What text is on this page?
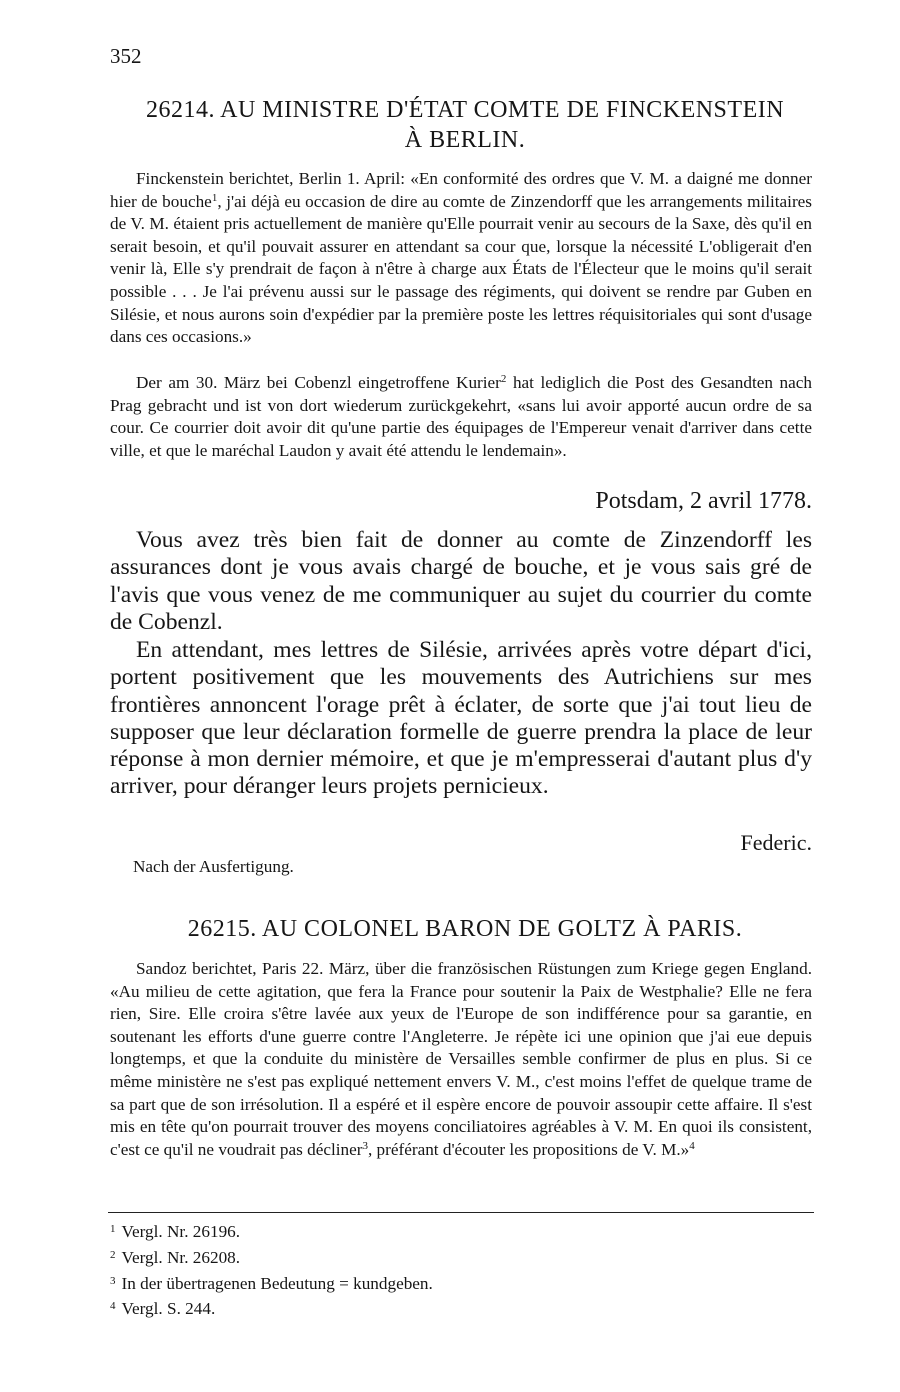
352
26214. AU MINISTRE D'ÉTAT COMTE DE FINCKENSTEIN
À BERLIN.

Finckenstein berichtet, Berlin 1. April: «En conformité des ordres que V. M. a daigné me donner hier de bouche$^1$, j'ai déjà eu occasion de dire au comte de Zinzendorff que les arrangements militaires de V. M. étaient pris actuellement de manière qu'Elle pourrait venir au secours de la Saxe, dès qu'il en serait besoin, et qu'il pouvait assurer en attendant sa cour que, lorsque la nécessité L'obligerait d'en venir là, Elle s'y prendrait de façon à n'être à charge aux États de l'Électeur que le moins qu'il serait possible . . . Je l'ai prévenu aussi sur le passage des régiments, qui doivent se rendre par Guben en Silésie, et nous aurons soin d'expédier par la première poste les lettres réquisitoriales qui sont d'usage dans ces occasions.»

Der am 30. März bei Cobenzl eingetroffene Kurier$^2$ hat lediglich die Post des Gesandten nach Prag gebracht und ist von dort wiederum zurückgekehrt, «sans lui avoir apporté aucun ordre de sa cour. Ce courrier doit avoir dit qu'une partie des équipages de l'Empereur venait d'arriver dans cette ville, et que le maréchal Laudon y avait été attendu le lendemain».

Potsdam, 2 avril 1778.

Vous avez très bien fait de donner au comte de Zinzendorff les assurances dont je vous avais chargé de bouche, et je vous sais gré de l'avis que vous venez de me communiquer au sujet du courrier du comte de Cobenzl.

En attendant, mes lettres de Silésie, arrivées après votre départ d'ici, portent positivement que les mouvements des Autrichiens sur mes frontières annoncent l'orage prêt à éclater, de sorte que j'ai tout lieu de supposer que leur déclaration formelle de guerre prendra la place de leur réponse à mon dernier mémoire, et que je m'empresserai d'autant plus d'y arriver, pour déranger leurs projets pernicieux.

Federic.
Nach der Ausfertigung.
26215. AU COLONEL BARON DE GOLTZ À PARIS.

Sandoz berichtet, Paris 22. März, über die französischen Rüstungen zum Kriege gegen England. «Au milieu de cette agitation, que fera la France pour soutenir la Paix de Westphalie? Elle ne fera rien, Sire. Elle croira s'être lavée aux yeux de l'Europe de son indifférence pour sa garantie, en soutenant les efforts d'une guerre contre l'Angleterre. Je répète ici une opinion que j'ai eue depuis longtemps, et que la conduite du ministère de Versailles semble confirmer de plus en plus. Si ce même ministère ne s'est pas expliqué nettement envers V. M., c'est moins l'effet de quelque trame de sa part que de son irrésolution. Il a espéré et il espère encore de pouvoir assoupir cette affaire. Il s'est mis en tête qu'on pourrait trouver des moyens conciliatoires agréables à V. M. En quoi ils consistent, c'est ce qu'il ne voudrait pas décliner$^3$, préférant d'écouter les propositions de V. M.»$^4$

$^1$ Vergl. Nr. 26196.
$^2$ Vergl. Nr. 26208.
$^3$ In der übertragenen Bedeutung = kundgeben.
$^4$ Vergl. S. 244.
